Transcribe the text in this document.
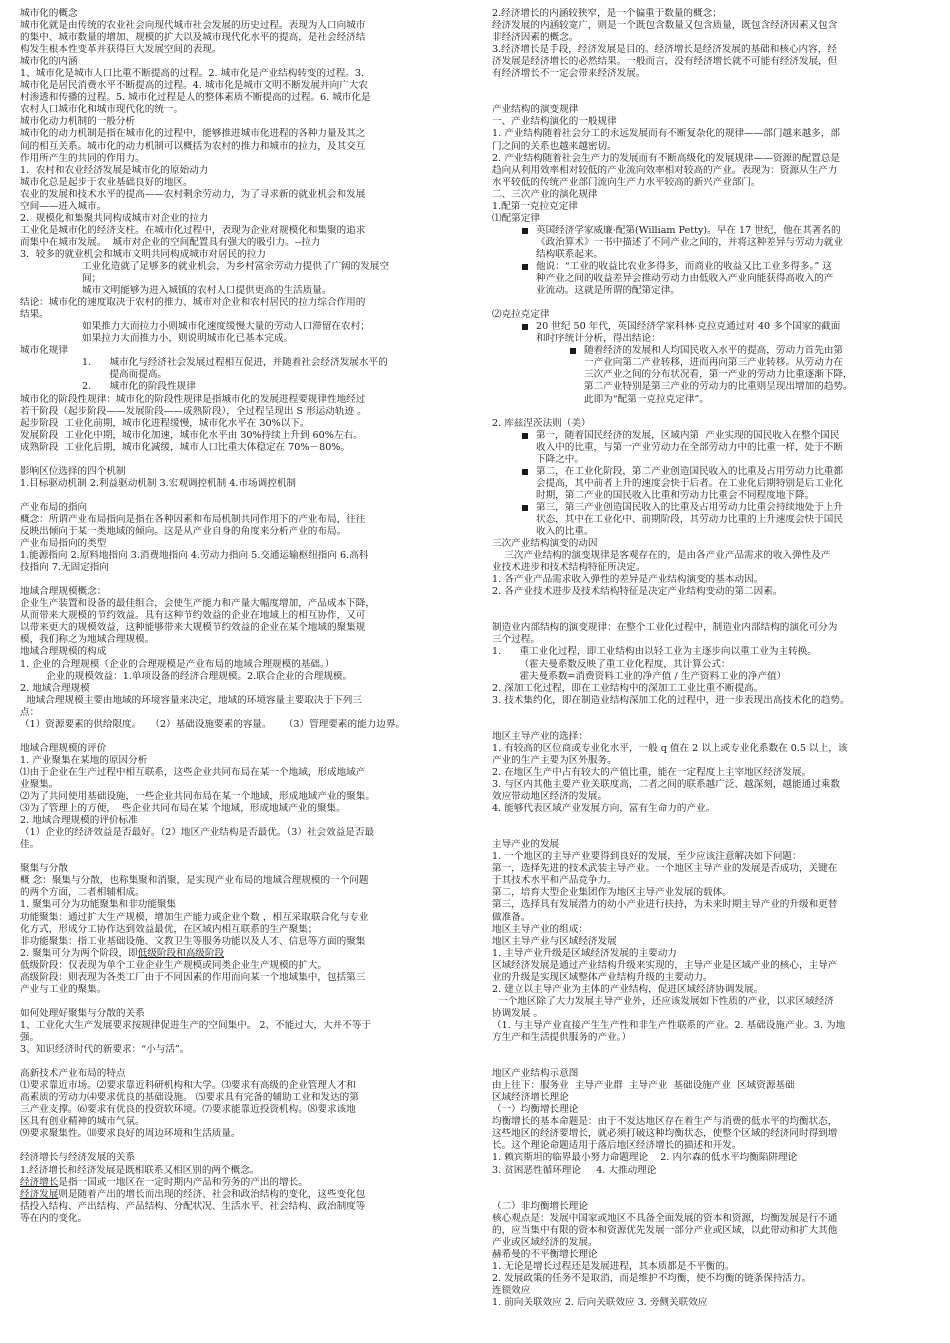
城市化的概念
城市化就是由传统的农业社会向现代城市社会发展的历史过程。表现为人口向城市
的集中、城市数量的增加、规模的扩大以及城市现代化水平的提高，是社会经济结
构发生根本性变革并获得巨大发展空间的表现。
城市化的内涵
1、城市化是城市人口比重不断提高的过程。2. 城市化是产业结构转变的过程。3.
城市化是居民消费水平不断提高的过程。4. 城市化是城市文明不断发展并向广大农
村渗透和传播的过程。5. 城市化过程是人的整体素质不断提高的过程。6. 城市化是
农村人口城市化和城市现代化的统一。
城市化动力机制的一般分析
城市化的动力机制是指在城市化的过程中，能够推进城市化进程的各种力量及其之
间的相互关系。城市化的动力机制可以概括为农村的推力和城市的拉力，及其交互
作用所产生的共同的作用力。
1．农村和农业经济发展是城市化的原始动力
城市化总是起步于农业基础良好的地区。
农业的发展和技术水平的提高——农村剩余劳动力，为了寻求新的就业机会和发展
空间——进入城市。
2．规模化和集聚共同构成城市对企业的拉力
工业化是城市化的经济支柱。在城市化过程中，表现为企业对规模化和集聚的追求
而集中在城市发展。  城市对企业的空间配置具有强大的吸引力。--拉力
3．较多的就业机会和城市文明共同构成城市对居民的拉力
工业化造就了足够多的就业机会，为乡村富余劳动力提供了广阔的发展空
间；
城市文明能够为进入城镇的农村人口提供更高的生活质量。
结论：城市化的速度取决于农村的推力、城市对企业和农村居民的拉力综合作用的
结果。
如果推力大而拉力小则城市化速度缓慢大量的劳动人口滞留在农村；
如果拉力大而推力小，则说明城市化已基本完成。
城市化规律
1.      城市化与经济社会发展过程相互促进，并随着社会经济发展水平的
提高而提高。
2.      城市化的阶段性规律
城市化的阶段性规律：城市化的阶段性规律是指城市化的发展进程要规律性地经过
若干阶段（起步阶段——发展阶段——成熟阶段），全过程呈现出 S 形运动轨迹 。
起步阶段  工业化前期，城市化进程缓慢，城市化水平在 30%以下。
发展阶段  工业化中期，城市化加速，城市化水平由 30%持续上升到 60%左右。
成熟阶段  工业化后期，城市化减缓，城市人口比重大体稳定在 70%－80%。
影响区位选择的四个机制
1.目标驱动机制 2.利益驱动机制 3.宏观调控机制 4.市场调控机制
产业布局的指向
概念：所谓产业布局指向是指在各种因素和布局机制共同作用下的产业布局，往往
反映出倾向于某一类地域的倾向。这是从产业自身的角度来分析产业的布局。
产业布局指向的类型
1.能源指向 2.原料地指向 3.消费地指向 4.劳动力指向 5.交通运输枢纽指向 6.高科
技指向 7.无固定指向
地域合理规模概念：
企业生产装置和设备的最佳组合，会使生产能力和产量大幅度增加，产品成本下降，
从而带来大规模的节约效益。具有这种节约效益的企业在地域上的相互协作，又可
以带来更大的规模效益，这种能够带来大规模节约效益的企业在某个地域的聚集规
模，我们称之为地域合理规模。
地域合理规模的构成
1. 企业的合理规模（企业的合理规模是产业布局的地域合理规模的基础。）
企业的规模效益：1.单项设备的经济合理规模。2.联合企业的合理规模。
2. 地域合理规模
地域合理规模主要由地域的环境容量来决定，地域的环境容量主要取决于下列三
点：
（1）资源要素的供给限度。   （2）基础设施要素的容量。    （3）管理要素的能力边界。
地域合理规模的评价
1. 产业聚集在某地的原因分析
⑴由于企业在生产过程中相互联系，这些企业共同布局在某一个地域，形成地域产
业聚集。
⑵为了共同使用基础设施，一些企业共同布局在某一个地域，形成地域产业的聚集。
⑶为了管理上的方便，  些企业共同布局在某 个地域，形成地域产业的聚集。
2. 地域合理规模的评价标准
（1）企业的经济效益是否最好。（2）地区产业结构是否最优。（3）社会效益是否最
佳。
聚集与分散
概 念：聚集与分散，也称集聚和消聚，是实现产业布局的地域合理规模的一个问题
的两个方面，二者相辅相成。
1. 聚集可分为功能聚集和非功能聚集
功能聚集：通过扩大生产规模，增加生产能力或企业个数 ，相互采取联合化与专业
化方式，形成分工协作达到效益最优，在区域内相互联系的生产聚集；
非功能聚集：指工业基础设施、文教卫生等服务功能以及人才、信息等方面的聚集
2. 聚集可分为两个阶段，即低级阶段和高级阶段
低级阶段：仅表现为单个工业企业生产规模或同类企业生产规模的扩大。
高级阶段：则表现为各类工厂由于不同因素的作用而向某一个地域集中，包括第三
产业与工业的聚集。
如何处理好聚集与分散的关系
1、工业化大生产发展要求按规律促进生产的空间集中。 2、不能过大，大并不等于
强。
3、知识经济时代的新要求：“小与活”。
高新技术产业布局的特点
⑴要求靠近市场。⑵要求靠近科研机构和大学。⑶要求有高级的企业管理人才和
高素质的劳动力⑷要求优良的基础设施。 ⑸要求具有完备的辅助工业和发达的第
三产业支撑。⑹要求有优良的投资软环境。⑺要求能靠近投资机构。⑻要求该地
区具有创业精神的城市气氛。
⑼要求聚集性。⑽要求良好的周边环境和生活质量。
经济增长与经济发展的关系
1.经济增长和经济发展是既相联系又相区别的两个概念。
经济增长是指一国或一地区在一定时期内产品和劳务的产出的增长。
经济发展则是随着产出的增长而出现的经济、社会和政治结构的变化，这些变化包
括投入结构、产出结构、产品结构、分配状况、生活水平、社会结构、政治制度等
等在内的变化。
2.经济增长的内涵较狭窄，是一个偏重于数量的概念；
经济发展的内涵较宽广，则是一个既包含数量又包含质量，既包含经济因素又包含
非经济因素的概念。
3.经济增长是手段，经济发展是目的。经济增长是经济发展的基础和核心内容，经
济发展是经济增长的必然结果。一般而言，没有经济增长就不可能有经济发展，但
有经济增长不一定会带来经济发展。
产业结构的演变规律
一、产业结构演化的一般规律
1. 产业结构随着社会分工的永远发展而有不断复杂化的规律——部门越来越多，部
门之间的关系也越来越密切。
2. 产业结构随着社会生产力的发展而有不断高级化的发展规律——资源的配置总是
趋向从利用效率相对较低的产业流向效率相对较高的产业。表现为：资源从生产力
水平较低的传统产业部门流向生产力水平较高的新兴产业部门。
二、三次产业的演化规律
1.配第一克拉克定律
⑴配第定律
英国经济学家威廉·配第(William Petty)。早在 17 世纪，他在其著名的
《政治算术》一书中描述了不同产业之间的，并将这种差异与劳动力就业
结构联系起来。
他说：“工业的收益比农业多得多，而商业的收益又比工业多得多。” 这
种产业之间的收益差异会推动劳动力由低收入产业向能获得高收入的产
业流动。这就是所谓的配第定律。
⑵克拉克定律
20 世纪 50 年代，英国经济学家科林·克拉克通过对 40 多个国家的截面
和时序统计分析，得出结论：
随着经济的发展和人均国民收入水平的提高，劳动力首先由第
一产业向第二产业转移，进而再向第三产业转移。从劳动力在
三次产业之间的分布状况看，第一产业的劳动力比重逐渐下降，
第二产业特别是第三产业的劳动力的比重则呈现出增加的趋势。
此即为“配第一克拉克定律”。
2. 库兹涅茨法则（美）
第一，随着国民经济的发展，区域内第  产业实现的国民收入在整个国民
收入中的比重，与第一产业劳动力在全部劳动力中的比重一样，处于不断
下降之中。
第二，在工业化阶段，第二产业创造国民收入的比重及占用劳动力比重都
会提高，其中前者上升的速度会快于后者。在工业化后期特别是后工业化
时期，第二产业的国民收入比重和劳动力比重会不同程度地下降。
第三，第三产业创造国民收入的比重及占用劳动力比重会持续地处于上升
状态，其中在工业化中、前期阶段，其劳动力比重的上升速度会快于国民
收入的比重。
三次产业结构演变的动因
三次产业结构的演变规律是客观存在的，是由各产业产品需求的收入弹性及产
业技术进步和技术结构特征所决定。
1. 各产业产品需求收入弹性的差异是产业结构演变的基本动因。
2. 各产业技术进步及技术结构特征是决定产业结构变动的第二因素。
制造业内部结构的演变规律：在整个工业化过程中，制造业内部结构的演化可分为
三个过程。
1.      重工业化过程，即工业结构由以轻工业为主逐步向以重工业为主转换。
（霍夫曼系数反映了重工业化程度，其计算公式：
霍夫曼系数=消费资料工业的净产值 / 生产资料工业的净产值）
2. 深加工化过程，即在工业结构中的深加工工业比重不断提高。
3. 技术集约化，即在制造业结构深加工化的过程中，进一步表现出高技术化的趋势。
地区主导产业的选择：
1. 有较高的区位商或专业化水平，一般 q 值在 2 以上或专业化系数在 0.5 以上，该
产业的生产主要为区外服务。
2. 在地区生产中占有较大的产值比重，能在一定程度上主宰地区经济发展。
3. 与区内其他主要产业关联度高，二者之间的联系越广泛、越深刻，越能通过乘数
效应带动地区经济的发展。
4. 能够代表区域产业发展方向，富有生命力的产业。
主导产业的发展
1. 一个地区的主导产业要得到良好的发展，至少应该注意解决如下问题：
第一，选择先进的技术武装主导产业。一个地区主导产业的发展是否成功，关键在
于其技术水平和产品竞争力。
第二，培育大型企业集团作为地区主导产业发展的载体。
第三，选择具有发展潜力的幼小产业进行扶持，为未来时期主导产业的升级和更替
做准备。
地区主导产业的组成：
地区主导产业与区域经济发展
1. 主导产业升级是区域经济发展的主要动力
区域经济发展是通过产业结构升级来实现的，主导产业是区域产业的核心，主导产
业的升级是实现区域整体产业结构升级的主要动力。
2. 建立以主导产业为主体的产业结构，促进区域经济协调发展。
一个地区除了大力发展主导产业外，还应该发展如下性质的产业，以求区域经济
协调发展 。
（1. 与主导产业直接产生生产性和非生产性联系的产业。2. 基础设施产业。3. 为地
方生产和生活提供服务的产业。）
地区产业结构示意图
由上往下：服务业  主导产业群  主导产业  基础设施产业  区域资源基础
区域经济增长理论
（一）均衡增长理论
均衡增长的基本命题是：由于不发达地区存在着生产与消费的低水平的均衡状态，
这些地区的经济要增长，就必须打破这种均衡状态，使整个区域的经济同时得到增
长。这个理论命题适用于落后地区经济增长的描述和开发。
1. 赖宾斯坦的临界最小努力命题理论    2. 内尔森的低水平均衡陷阱理论
3. 贫困恶性循环理论     4. 大推动理论
（二）非均衡增长理论
核心观点是：发展中国家或地区不具备全面发展的资本和资源，均衡发展是行不通
的，应当集中有限的资本和资源优先发展一部分产业或区域，以此带动和扩大其他
产业或区域经济的发展。
赫希曼的不平衡增长理论
1. 无论是增长过程还是发展进程，其本质都是不平衡的。
2. 发展政策的任务不是取消，而是维护不均衡，使不均衡的链条保持活力。
连锁效应
1. 前向关联效应 2. 后向关联效应 3. 旁侧关联效应
